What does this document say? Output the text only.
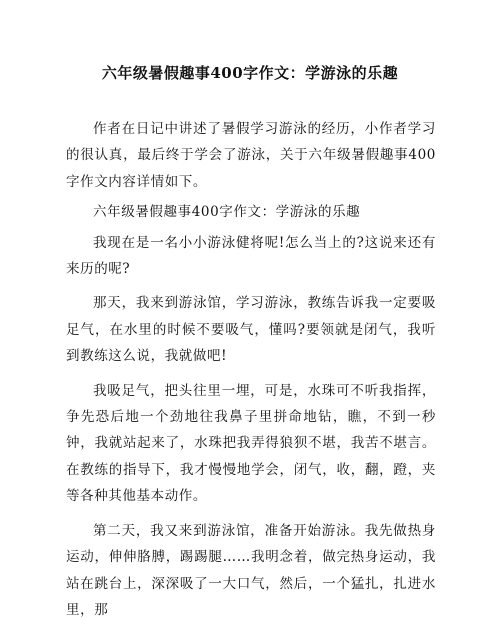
六年级暑假趣事400字作文：学游泳的乐趣

作者在日记中讲述了暑假学习游泳的经历，小作者学习的很认真，最后终于学会了游泳，关于六年级暑假趣事400字作文内容详情如下。

六年级暑假趣事400字作文：学游泳的乐趣

我现在是一名小小游泳健将呢!怎么当上的?这说来还有来历的呢?

那天，我来到游泳馆，学习游泳，教练告诉我一定要吸足气，在水里的时候不要吸气，懂吗?要领就是闭气，我听到教练这么说，我就做吧!

我吸足气，把头往里一埋，可是，水珠可不听我指挥，争先恐后地一个劲地往我鼻子里拼命地钻，瞧，不到一秒钟，我就站起来了，水珠把我弄得狼狈不堪，我苦不堪言。在教练的指导下，我才慢慢地学会，闭气，收，翻，蹬，夹等各种其他基本动作。

第二天，我又来到游泳馆，准备开始游泳。我先做热身运动，伸伸胳膊，踢踢腿……我明念着，做完热身运动，我站在跳台上，深深吸了一大口气，然后，一个猛扎，扎进水里，那
